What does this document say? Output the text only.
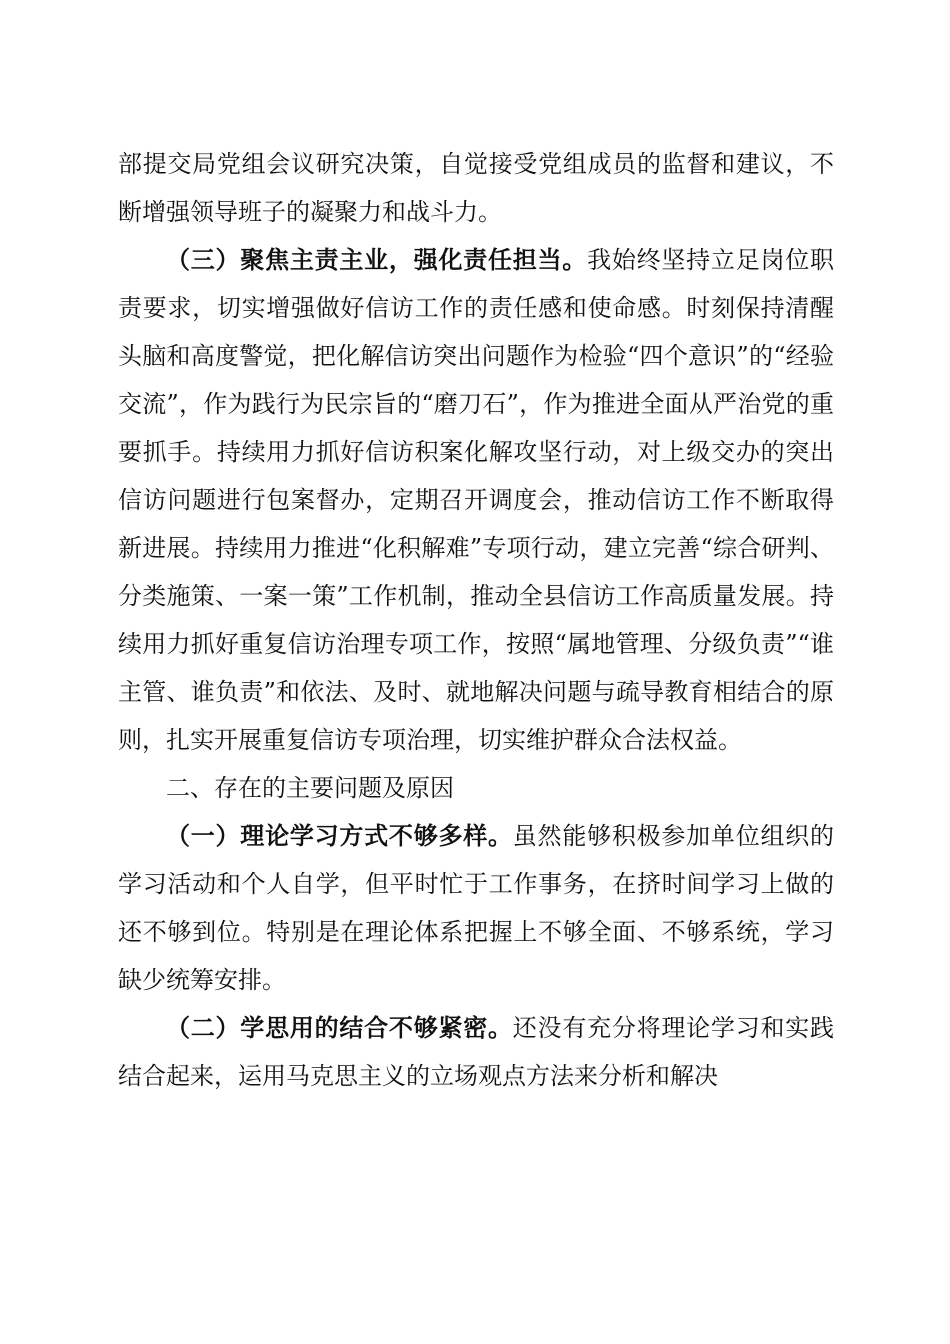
部提交局党组会议研究决策，自觉接受党组成员的监督和建议，不断增强领导班子的凝聚力和战斗力。

（三）聚焦主责主业，强化责任担当。我始终坚持立足岗位职责要求，切实增强做好信访工作的责任感和使命感。时刻保持清醒头脑和高度警觉，把化解信访突出问题作为检验“四个意识”的“经验交流”，作为践行为民宗旨的“磨刀石”，作为推进全面从严治党的重要抓手。持续用力抓好信访积案化解攻坚行动，对上级交办的突出信访问题进行包案督办，定期召开调度会，推动信访工作不断取得新进展。持续用力推进“化积解难”专项行动，建立完善“综合研判、分类施策、一案一策”工作机制，推动全县信访工作高质量发展。持续用力抓好重复信访治理专项工作，按照“属地管理、分级负责”“谁主管、谁负责”和依法、及时、就地解决问题与疏导教育相结合的原则，扎实开展重复信访专项治理，切实维护群众合法权益。

二、存在的主要问题及原因

（一）理论学习方式不够多样。虽然能够积极参加单位组织的学习活动和个人自学，但平时忙于工作事务，在挤时间学习上做的还不够到位。特别是在理论体系把握上不够全面、不够系统，学习缺少统筹安排。

（二）学思用的结合不够紧密。还没有充分将理论学习和实践结合起来，运用马克思主义的立场观点方法来分析和解决
